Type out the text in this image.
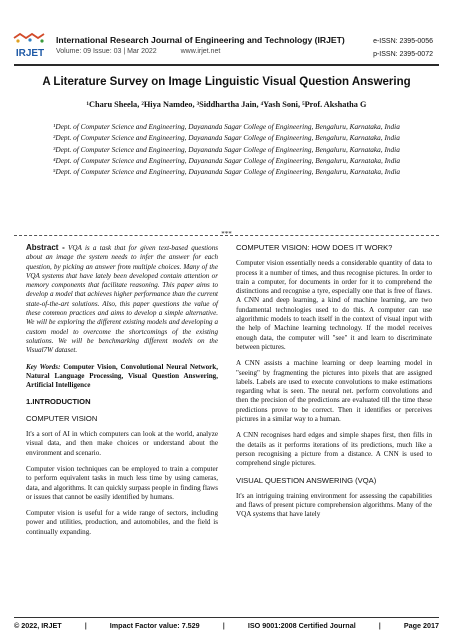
IRJET
International Research Journal of Engineering and Technology (IRJET)
Volume: 09 Issue: 03 | Mar 2022	www.irjet.net
e-ISSN: 2395-0056
p-ISSN: 2395-0072
A Literature Survey on Image Linguistic Visual Question Answering
¹Charu Sheela, ²Hiya Namdeo, ³Siddhartha Jain, ⁴Yash Soni, ⁵Prof. Akshatha G
¹Dept. of Computer Science and Engineering, Dayananda Sagar College of Engineering, Bengaluru, Karnataka, India
²Dept. of Computer Science and Engineering, Dayananda Sagar College of Engineering, Bengaluru, Karnataka, India
³Dept. of Computer Science and Engineering, Dayananda Sagar College of Engineering, Bengaluru, Karnataka, India
⁴Dept. of Computer Science and Engineering, Dayananda Sagar College of Engineering, Bengaluru, Karnataka, India
⁵Dept. of Computer Science and Engineering, Dayananda Sagar College of Engineering, Bengaluru, Karnataka, India
***

Abstract - VQA is a task that for given text-based questions about an image the system needs to infer the answer for each question, by picking an answer from multiple choices. Many of the VQA systems that have lately been developed contain attention or memory components that facilitate reasoning. This paper aims to develop a model that achieves higher performance than the current state-of-the-art solutions. Also, this paper questions the value of these common practices and aims to develop a simple alternative. We will be exploring the different existing models and developing a custom model to overcome the shortcomings of the existing solutions. We will be benchmarking different models on the Visual7W dataset.

Key Words: Computer Vision, Convolutional Neural Network, Natural Language Processing, Visual Question Answering, Artificial Intelligence

1.INTRODUCTION
COMPUTER VISION

It's a sort of AI in which computers can look at the world, analyze visual data, and then make choices or understand about the environment and scenario.

Computer vision techniques can be employed to train a computer to perform equivalent tasks in much less time by using cameras, data, and algorithms. It can quickly surpass people in finding flaws or issues that cannot be easily identified by humans.

Computer vision is useful for a wide range of sectors, including power and utilities, production, and automobiles, and the field is continually expanding.

COMPUTER VISION: HOW DOES IT WORK?

Computer vision essentially needs a considerable quantity of data to process it a number of times, and thus recognise pictures. In order to train a computer, for documents in order for it to comprehend the distinctions and recognise a tyre, especially one that is free of flaws. A CNN and deep learning, a kind of machine learning, are two fundamental technologies used to do this. A computer can use algorithmic models to teach itself in the context of visual input with the help of Machine learning technology. If the model receives enough data, the computer will "see" it and learn to discriminate between pictures.

A CNN assists a machine learning or deep learning model in "seeing" by fragmenting the pictures into pixels that are assigned labels. Labels are used to execute convolutions to make estimations regarding what is seen. The neural net. perform convolutions and then the precision of the predictions are evaluated till the time these predictions prove to be correct. Then it identifies or perceives pictures in a similar way to a human.

A CNN recognises hard edges and simple shapes first, then fills in the details as it performs iterations of its predictions, much like a person recognising a picture from a distance. A CNN is used to comprehend single pictures.

VISUAL QUESTION ANSWERING (VQA)

It's an intriguing training environment for assessing the capabilities and flaws of present picture comprehension algorithms. Many of the VQA systems that have lately

© 2022, IRJET	|	Impact Factor value: 7.529	|	ISO 9001:2008 Certified Journal	|	Page 2017
